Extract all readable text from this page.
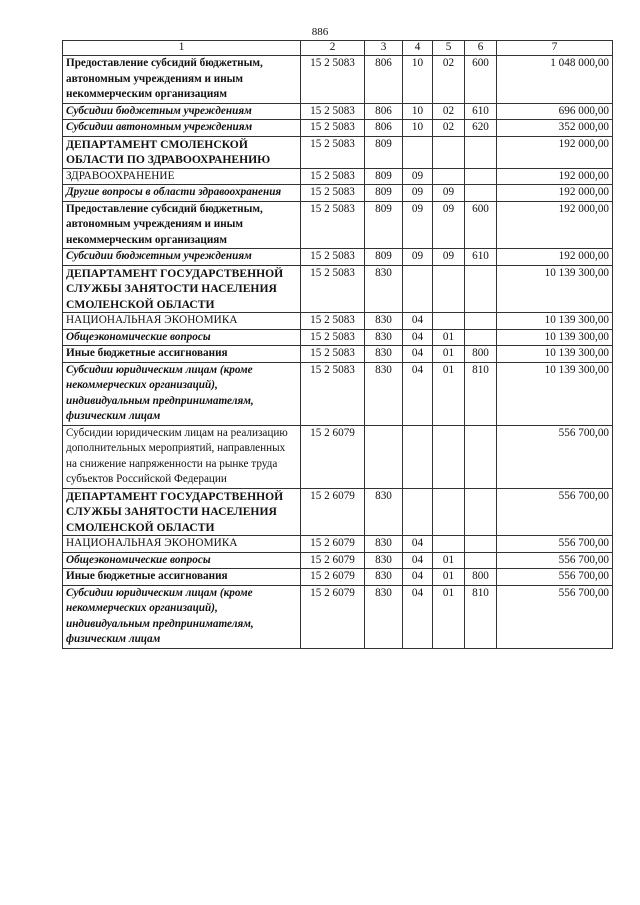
886
1	2	3	4	5	6	7
Предоставление субсидий бюджетным, автономным учреждениям и иным некоммерческим организациям	15 2 5083	806	10	02	600	1 048 000,00
Субсидии бюджетным учреждениям	15 2 5083	806	10	02	610	696 000,00
Субсидии автономным учреждениям	15 2 5083	806	10	02	620	352 000,00
ДЕПАРТАМЕНТ СМОЛЕНСКОЙ ОБЛАСТИ ПО ЗДРАВООХРАНЕНИЮ	15 2 5083	809				192 000,00
ЗДРАВООХРАНЕНИЕ	15 2 5083	809	09			192 000,00
Другие вопросы в области здравоохранения	15 2 5083	809	09	09		192 000,00
Предоставление субсидий бюджетным, автономным учреждениям и иным некоммерческим организациям	15 2 5083	809	09	09	600	192 000,00
Субсидии бюджетным учреждениям	15 2 5083	809	09	09	610	192 000,00
ДЕПАРТАМЕНТ ГОСУДАРСТВЕННОЙ СЛУЖБЫ ЗАНЯТОСТИ НАСЕЛЕНИЯ СМОЛЕНСКОЙ ОБЛАСТИ	15 2 5083	830				10 139 300,00
НАЦИОНАЛЬНАЯ ЭКОНОМИКА	15 2 5083	830	04			10 139 300,00
Общеэкономические вопросы	15 2 5083	830	04	01		10 139 300,00
Иные бюджетные ассигнования	15 2 5083	830	04	01	800	10 139 300,00
Субсидии юридическим лицам (кроме некоммерческих организаций), индивидуальным предпринимателям, физическим лицам	15 2 5083	830	04	01	810	10 139 300,00
Субсидии юридическим лицам на реализацию дополнительных мероприятий, направленных на снижение напряженности на рынке труда субъектов Российской Федерации	15 2 6079					556 700,00
ДЕПАРТАМЕНТ ГОСУДАРСТВЕННОЙ СЛУЖБЫ ЗАНЯТОСТИ НАСЕЛЕНИЯ СМОЛЕНСКОЙ ОБЛАСТИ	15 2 6079	830				556 700,00
НАЦИОНАЛЬНАЯ ЭКОНОМИКА	15 2 6079	830	04			556 700,00
Общеэкономические вопросы	15 2 6079	830	04	01		556 700,00
Иные бюджетные ассигнования	15 2 6079	830	04	01	800	556 700,00
Субсидии юридическим лицам (кроме некоммерческих организаций), индивидуальным предпринимателям, физическим лицам	15 2 6079	830	04	01	810	556 700,00
